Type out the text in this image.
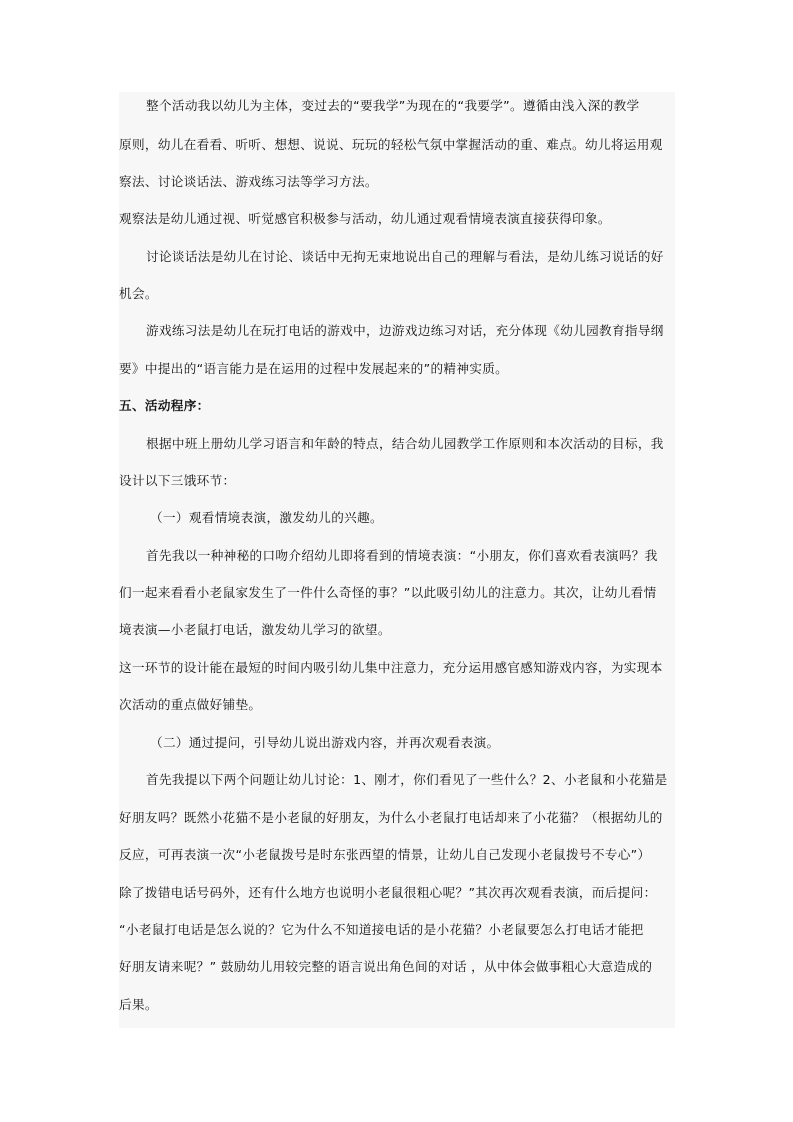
整个活动我以幼儿为主体，变过去的“要我学”为现在的“我要学”。遵循由浅入深的教学
原则，幼儿在看看、听听、想想、说说、玩玩的轻松气氛中掌握活动的重、难点。幼儿将运用观
察法、讨论谈话法、游戏练习法等学习方法。
观察法是幼儿通过视、听觉感官积极参与活动，幼儿通过观看情境表演直接获得印象。
讨论谈话法是幼儿在讨论、谈话中无拘无束地说出自己的理解与看法，是幼儿练习说话的好
机会。
游戏练习法是幼儿在玩打电话的游戏中，边游戏边练习对话，充分体现《幼儿园教育指导纲
要》中提出的“语言能力是在运用的过程中发展起来的”的精神实质。
五、活动程序：
根据中班上册幼儿学习语言和年龄的特点，结合幼儿园教学工作原则和本次活动的目标，我
设计以下三饿环节：
（一）观看情境表演，激发幼儿的兴趣。
首先我以一种神秘的口吻介绍幼儿即将看到的情境表演：“小朋友，你们喜欢看表演吗？我
们一起来看看小老鼠家发生了一件什么奇怪的事？”以此吸引幼儿的注意力。其次，让幼儿看情
境表演—小老鼠打电话，激发幼儿学习的欲望。
这一环节的设计能在最短的时间内吸引幼儿集中注意力，充分运用感官感知游戏内容，为实现本
次活动的重点做好铺垫。
（二）通过提问，引导幼儿说出游戏内容，并再次观看表演。
首先我提以下两个问题让幼儿讨论：1、刚才，你们看见了一些什么？2、小老鼠和小花猫是
好朋友吗？既然小花猫不是小老鼠的好朋友，为什么小老鼠打电话却来了小花猫？（根据幼儿的
反应，可再表演一次“小老鼠拨号是时东张西望的情景，让幼儿自己发现小老鼠拨号不专心”）
除了拨错电话号码外，还有什么地方也说明小老鼠很粗心呢？”其次再次观看表演，而后提问：
“小老鼠打电话是怎么说的？它为什么不知道接电话的是小花猫？小老鼠要怎么打电话才能把
好朋友请来呢？” 鼓励幼儿用较完整的语言说出角色间的对话 ，从中体会做事粗心大意造成的
后果。
